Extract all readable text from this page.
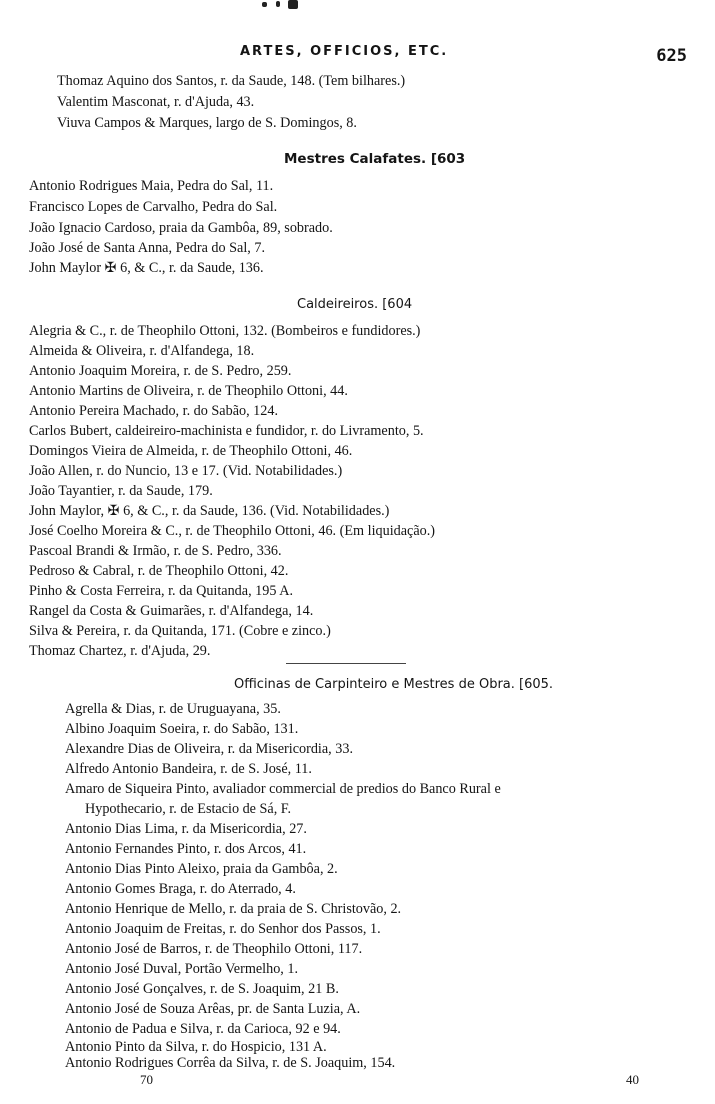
ARTES, OFFICIOS, ETC.	625
Thomaz Aquino dos Santos, r. da Saude, 148. (Tem bilhares.)
Valentim Masconat, r. d'Ajuda, 43.
Viuva Campos & Marques, largo de S. Domingos, 8.
Mestres Calafates. [603
Antonio Rodrigues Maia, Pedra do Sal, 11.
Francisco Lopes de Carvalho, Pedra do Sal.
João Ignacio Cardoso, praia da Gambôa, 89, sobrado.
João José de Santa Anna, Pedra do Sal, 7.
John Maylor ✠ 6, & C., r. da Saude, 136.
Caldeireiros. [604
Alegria & C., r. de Theophilo Ottoni, 132. (Bombeiros e fundidores.)
Almeida & Oliveira, r. d'Alfandega, 18.
Antonio Joaquim Moreira, r. de S. Pedro, 259.
Antonio Martins de Oliveira, r. de Theophilo Ottoni, 44.
Antonio Pereira Machado, r. do Sabão, 124.
Carlos Bubert, caldeireiro-machinista e fundidor, r. do Livramento, 5.
Domingos Vieira de Almeida, r. de Theophilo Ottoni, 46.
João Allen, r. do Nuncio, 13 e 17. (Vid. Notabilidades.)
João Tayantier, r. da Saude, 179.
John Maylor, ✠ 6, & C., r. da Saude, 136. (Vid. Notabilidades.)
José Coelho Moreira & C., r. de Theophilo Ottoni, 46. (Em liquidação.)
Pascoal Brandi & Irmão, r. de S. Pedro, 336.
Pedroso & Cabral, r. de Theophilo Ottoni, 42.
Pinho & Costa Ferreira, r. da Quitanda, 195 A.
Rangel da Costa & Guimarães, r. d'Alfandega, 14.
Silva & Pereira, r. da Quitanda, 171. (Cobre e zinco.)
Thomaz Chartez, r. d'Ajuda, 29.
Officinas de Carpinteiro e Mestres de Obra. [605.
Agrella & Dias, r. de Uruguayana, 35.
Albino Joaquim Soeira, r. do Sabão, 131.
Alexandre Dias de Oliveira, r. da Misericordia, 33.
Alfredo Antonio Bandeira, r. de S. José, 11.
Amaro de Siqueira Pinto, avaliador commercial de predios do Banco Rural e
Hypothecario, r. de Estacio de Sá, F.
Antonio Dias Lima, r. da Misericordia, 27.
Antonio Fernandes Pinto, r. dos Arcos, 41.
Antonio Dias Pinto Aleixo, praia da Gambôa, 2.
Antonio Gomes Braga, r. do Aterrado, 4.
Antonio Henrique de Mello, r. da praia de S. Christovão, 2.
Antonio Joaquim de Freitas, r. do Senhor dos Passos, 1.
Antonio José de Barros, r. de Theophilo Ottoni, 117.
Antonio José Duval, Portão Vermelho, 1.
Antonio José Gonçalves, r. de S. Joaquim, 21 B.
Antonio José de Souza Arêas, pr. de Santa Luzia, A.
Antonio de Padua e Silva, r. da Carioca, 92 e 94.
Antonio Pinto da Silva, r. do Hospicio, 131 A.
Antonio Rodrigues Corrêa da Silva, r. de S. Joaquim, 154.
70	40
